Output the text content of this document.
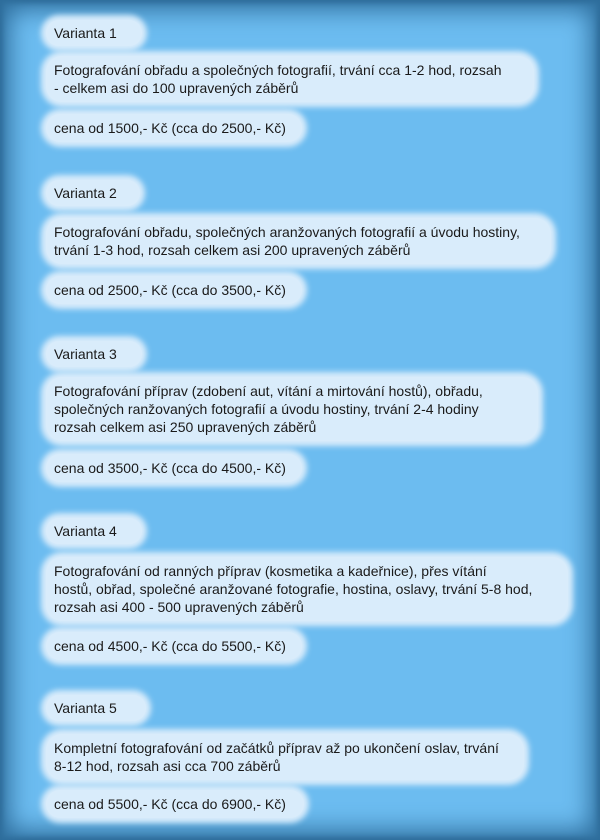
Varianta 1
Fotografování obřadu a společných fotografií, trvání cca 1-2 hod, rozsah
- celkem asi do 100 upravených záběrů
cena od 1500,- Kč (cca do 2500,- Kč)
Varianta 2
Fotografování obřadu, společných aranžovaných fotografií a úvodu hostiny,
trvání 1-3 hod, rozsah celkem asi 200 upravených záběrů
cena od 2500,- Kč (cca do 3500,- Kč)
Varianta 3
Fotografování příprav (zdobení aut, vítání a mirtování hostů), obřadu,
společných ranžovaných fotografií a úvodu hostiny, trvání 2-4 hodiny
rozsah celkem asi 250 upravených záběrů
cena od 3500,- Kč (cca do 4500,- Kč)
Varianta 4
Fotografování od ranných příprav (kosmetika a kadeřnice), přes vítání
hostů, obřad, společné aranžované fotografie, hostina, oslavy, trvání 5-8 hod,
rozsah asi 400 - 500 upravených záběrů
cena od 4500,- Kč (cca do 5500,- Kč)
Varianta 5
Kompletní fotografování od začátků příprav až po ukončení oslav, trvání
8-12 hod, rozsah asi cca 700 záběrů
cena od 5500,- Kč (cca do 6900,- Kč)
